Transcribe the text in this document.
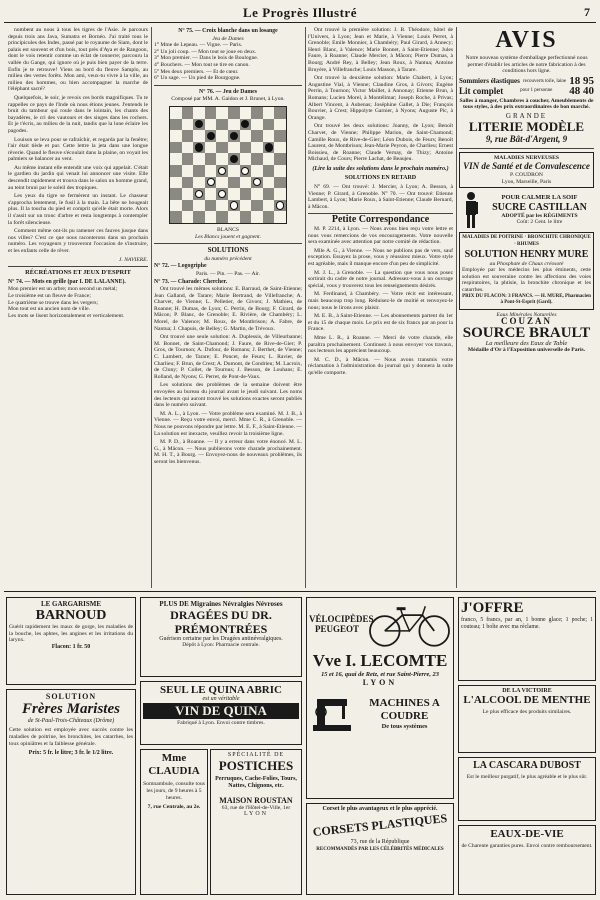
Le Progrès Illustré	7

nombent au nous à tous les tigres de l'Asie. Je parcours depuis trois ans Java, Sumatra et Bornéo. J'ai traité tous le principicules des Indes, passé par le royaume de Siam, dont le palais est souvent et d'un bois, tout près d'Aya et de Rangoon, dont le vois retentir comme un éclat de tonnerre; parcouru la vallée du Gange, qui ignore où je puis bien payer de la terre. Enfin je te retrouve! Viens au bord du fleuve Samplo, au milieu des vertes forêts. Mon ami, veux-tu vivre à la ville, au milieu des hommes, ou bien accompagner la marche de l'éléphant sacré?

Quelquefois, le soir, je revois ces bords magnifiques. Tu te rappelles ce pays de l'Inde où nous étions jeunes. J'entends le bruit du tambour qui roule dans le lointain, les chants des bayadères, le cri des vautours et des singes dans les rochers. Et je t'écris, au milieu de la nuit, tandis que la lune éclaire les pagodes.

Louison se leva pour se rafraîchir, et regarda par la fenêtre; l'air était tiède et pur. Cette lettre la jeta dans une longue rêverie. Quand le fleuve s'écoulait dans la plaine, on voyait les palmiers se balancer au vent.

Au même instant elle entendit une voix qui appelait. C'était le gardien du jardin qui venait lui annoncer une visite. Elle descendit rapidement et trouva dans le salon un homme grand, au teint bruni par le soleil des tropiques.

Les yeux du tigre se fermèrent un instant. Le chasseur s'approcha lentement, le fusil à la main. La bête ne bougeait plus. Il la toucha du pied et comprit qu'elle était morte. Alors il s'assit sur un tronc d'arbre et resta longtemps à contempler la forêt silencieuse.

Comment même ont-ils pu ramener ces fauves jusque dans nos villes? C'est ce que nous raconterons dans un prochain numéro. Les voyageurs y trouveront l'occasion de s'instruire, et les enfants celle de rêver.

J. NAVIERE.
RÉCRÉATIONS ET JEUX D'ESPRIT
N° 74. — Mots en grille (par I. DE LALANNE).
Mon premier est un arbre; mon second un métal;
Le troisième est un fleuve de France;
Le quatrième se trouve dans les vergers;
Mon tout est un ancien nom de ville.
Les mots se lisent horizontalement et verticalement.
N° 75. — Croix blanche dans un losange
Jeu de Dames
1° Mme de Lepeau. — Vigne. — Paris.
2° Un joli coup. — Mon tout se joue en deux.
3° Mon premier. — Dans le bois de Boulogne.
4° Bouchers. — Mon tout se tire en canon.
5° Mes deux premiers. — Et de cœur.
6° Un sage. — Un pied de Bourgogne.
N° 76. — Jeu de Dames
Composé par MM. A. Gaidon et J. Brunet, à Lyon.
BLANCS
Les Blancs jouent et gagnent.
SOLUTIONS
du numéro précédent
N° 72. — Logogriphe
Paris. — Pin. — Pas. — Air.
N° 73. — Charade: Chercher.

Ont trouvé les mêmes solutions: E. Barraud, de Saint-Etienne; Jean Galland, de Tarare; Marie Bertrand, de Villefranche; A. Charvet, de Vienne; L. Pelletier, de Givors; J. Mathieu, de Roanne; H. Dumas, de Lyon; C. Perrin, de Bourg; F. Girard, de Mâcon; P. Blanc, de Grenoble; E. Rivière, de Chambéry; L. Morel, de Valence; M. Roux, de Montbrison; A. Fabre, de Nantua; J. Chapuis, de Belley; G. Martin, de Trévoux.

Ont trouvé une seule solution: A. Duplessis, de Villeurbanne; M. Bonnet, de Saint-Chamond; J. Faure, de Rive-de-Gier; P. Gros, de Tournon; A. Dufour, de Romans; J. Berthet, de Vienne; C. Lambert, de Tarare; E. Poncet, de Feurs; L. Ravier, de Charlieu; F. Brun, de Crest; A. Dumont, de Condrieu; M. Lacroix, de Cluny; P. Collet, de Tournus; J. Besson, de Louhans; E. Rolland, de Nyons; G. Perret, de Pont-de-Vaux.

Les solutions des problèmes de la semaine doivent être envoyées au bureau du journal avant le jeudi suivant. Les noms des lecteurs qui auront trouvé les solutions exactes seront publiés dans le numéro suivant.

M. A. L., à Lyon. — Votre problème sera examiné. M. J. B., à Vienne. — Reçu votre envoi, merci. Mme C. R., à Grenoble. — Nous ne pouvons répondre par lettre. M. E. F., à Saint-Etienne. — La solution est inexacte, veuillez revoir la troisième ligne.

M. P. D., à Roanne. — Il y a erreur dans votre énoncé. M. L. G., à Mâcon. — Nous publierons votre charade prochainement. M. H. T., à Bourg. — Envoyez-nous de nouveaux problèmes, ils seront les bienvenus.

Ont trouvé la première solution: J. B. Théodore, hôtel de l'Univers, à Lyon; Jean et Marie, à Vienne; Louis Perret, à Grenoble; Emile Monnier, à Chambéry; Paul Girard, à Annecy; Henri Blanc, à Valence; Marie Bonnet, à Saint-Etienne; Jules Faure, à Roanne; Claude Mercier, à Mâcon; Pierre Dumas, à Bourg; André Rey, à Belley; Jean Roux, à Nantua; Antoine Bruyère, à Villefranche; Louis Masson, à Tarare.

Ont trouvé la deuxième solution: Marie Chabert, à Lyon; Augustine Vial, à Vienne; Claudine Gros, à Givors; Eugène Perrin, à Tournon; Victor Maillet, à Annonay; Etienne Brun, à Romans; Lucien Morel, à Montélimar; Joseph Roche, à Privas; Albert Vincent, à Aubenas; Joséphine Gallet, à Die; François Bouvier, à Crest; Hippolyte Garnier, à Nyons; Auguste Pic, à Orange.

Ont trouvé les deux solutions: Joanny, de Lyon; Benoît Charvet, de Vienne; Philippe Marion, de Saint-Chamond; Camille Roux, de Rive-de-Gier; Léon Dubois, de Feurs; Benoît Laurent, de Montbrison; Jean-Marie Peyron, de Charlieu; Ernest Boissieu, de Roanne; Claude Vernay, de Thizy; Antoine Michaud, de Cours; Pierre Lachat, de Beaujeu.

(Lire la suite des solutions dans le prochain numéro.)
SOLUTIONS EN RETARD

N° 69. — Ont trouvé: J. Mercier, à Lyon; A. Besson, à Vienne; P. Girard, à Grenoble. N° 70. — Ont trouvé: Etienne Lambert, à Lyon; Marie Roux, à Saint-Etienne; Claude Bernard, à Mâcon.

Petite Correspondance

M. P. 2214, à Lyon. — Nous avons bien reçu votre lettre et nous vous remercions de vos encouragements. Votre nouvelle sera examinée avec attention par notre comité de rédaction.

Mlle A. G., à Vienne. — Nous ne publions pas de vers, sauf exception. Essayez la prose, vous y réussirez mieux. Votre style est agréable, mais il manque encore d'un peu de simplicité.

M. J. L., à Grenoble. — La question que vous nous posez sortirait du cadre de notre journal. Adressez-vous à un ouvrage spécial, vous y trouverez tous les renseignements désirés.

M. Ferdinand, à Chambéry. — Votre récit est intéressant, mais beaucoup trop long. Réduisez-le de moitié et renvoyez-le nous; nous le lirons avec plaisir.

M. E. B., à Saint-Etienne. — Les abonnements partent du 1er et du 15 de chaque mois. Le prix est de six francs par an pour la France.

Mme L. R., à Roanne. — Merci de votre charade, elle paraîtra prochainement. Continuez à nous envoyer vos travaux, nos lecteurs les apprécient beaucoup.

M. C. D., à Mâcon. — Nous avons transmis votre réclamation à l'administration du journal qui y donnera la suite qu'elle comporte.

AVIS

Notre nouveau système d'emballage perfectionné nous permet d'établir les articles de notre fabrication à des conditions hors ligne.

Sommiers élastiques recouverts toile, laine 18 95
Lit complet	pour 1 personne 48 40

Salles à manger, Chambres à coucher, Ameublements de tous styles, à des prix extraordinaires de bon marché.

GRANDE
LITERIE MODÈLE
9, rue Bât-d'Argent, 9
MALADIES NERVEUSES
VIN de Santé et de Convalescence
P. COUDRON
Lyon, Marseille, Paris
POUR CALMER LA SOIF
SUCRE CASTILLAN
ADOPTÉ par les RÉGIMENTS
Coût: 2 Cent. le litre
MALADIES DE POITRINE · BRONCHITE CHRONIQUE · RHUMES
SOLUTION HENRY MURE
au Phosphate de Chaux créosoté

Employée par les médecins les plus éminents, cette solution est souveraine contre les affections des voies respiratoires, la phtisie, la bronchite chronique et les catarrhes.

PRIX DU FLACON: 3 FRANCS. — H. MURE, Pharmacien à Pont-St-Esprit (Gard).
Eaux Minérales Naturelles
COUZAN
SOURCE BRAULT
La meilleure des Eaux de Table
Médaille d'Or à l'Exposition universelle de Paris.
LE GARGARISME
BARNOUD

Guérit rapidement les maux de gorge, les maladies de la bouche, les aphtes, les angines et les irritations du larynx.

Flacon: 1 fr. 50
SOLUTION
Frères Maristes
de St-Paul-Trois-Châteaux (Drôme)

Cette solution est employée avec succès contre les maladies de poitrine, les bronchites, les catarrhes, les toux opiniâtres et la faiblesse générale.

Prix: 5 fr. le litre; 3 fr. le 1/2 litre.
PLUS DE Migraines Névralgies Névroses
DRAGÉES DU DR. PRÉMONTRÉES
Guérison certaine par les Dragées antinévralgiques.
Dépôt à Lyon: Pharmacie centrale.
SEUL LE QUINA ABRIC
est un véritable
VIN DE QUINA
Fabriqué à Lyon. Envoi contre timbres.
Mme CLAUDIA

Somnambule, consulte tous les jours, de 9 heures à 5 heures.

7, rue Centrale, au 2e.
SPÉCIALITÉ DE
POSTICHES

Perruques, Cache-Folies, Tours, Nattes, Chignons, etc.

MAISON ROUSTAN
63, rue de l'Hôtel-de-Ville, 1er
LYON
VÉLOCIPÈDES PEUGEOT
Vve I. LECOMTE
15 et 16, quai de Retz, et rue Saint-Pierre, 23
LYON
MACHINES A COUDRE
De tous systèmes
Corset le plus avantageux et le plus apprécié.
CORSETS PLASTIQUES
73, rue de la République
RECOMMANDÉS PAR LES CÉLÉBRITÉS MÉDICALES
J'OFFRE

franco, 5 francs, par an, 1 bonne glace; 1 poche; 1 couteau; 1 boîte avec ma réclame.

DE LA VICTOIRE
L'ALCOOL DE MENTHE
Le plus efficace des produits similaires.
LA CASCARA DUBOST

Est le meilleur purgatif, le plus agréable et le plus sûr.

EAUX-DE-VIE

de Charente garanties pures. Envoi contre remboursement.
